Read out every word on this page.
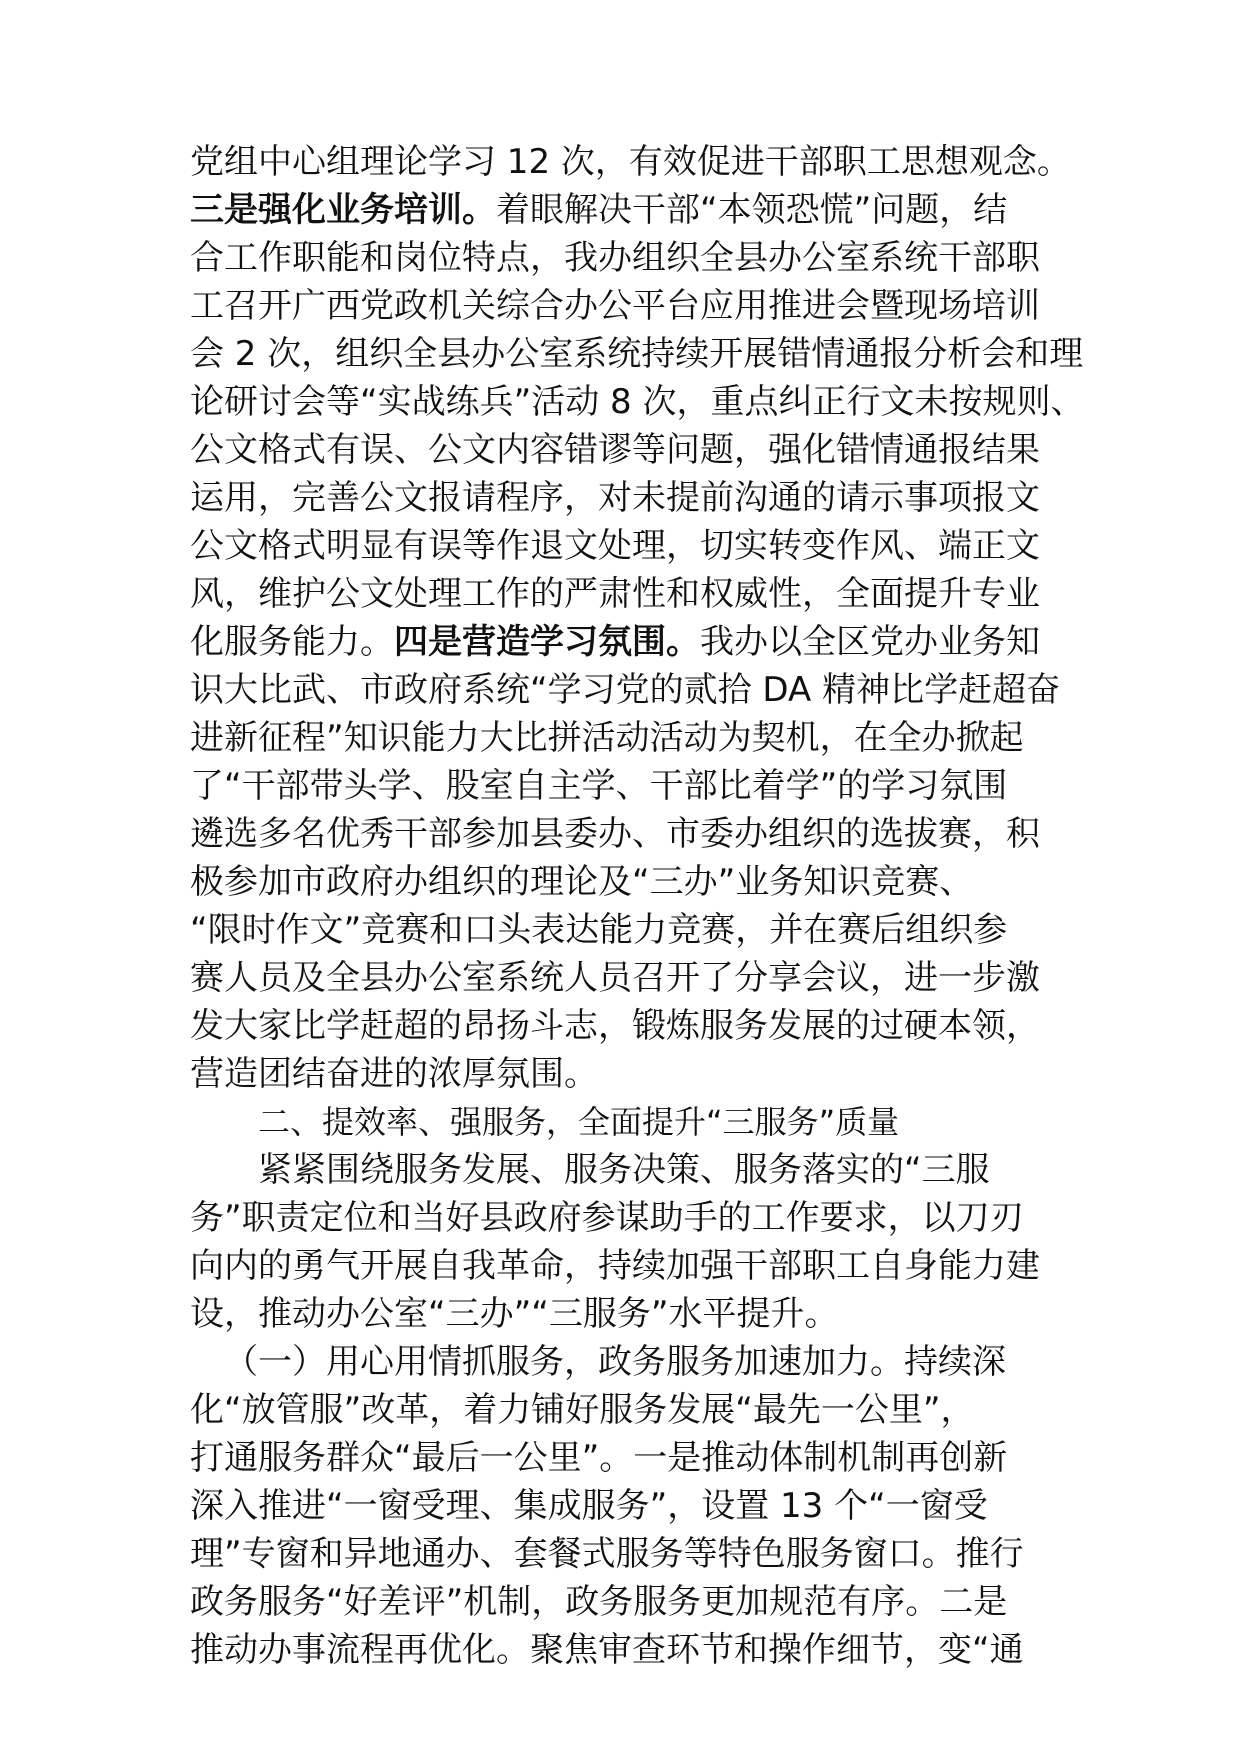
党组中心组理论学习 12 次，有效促进干部职工思想观念。
三是强化业务培训。着眼解决干部“本领恐慌”问题，结
合工作职能和岗位特点，我办组织全县办公室系统干部职
工召开广西党政机关综合办公平台应用推进会暨现场培训
会 2 次，组织全县办公室系统持续开展错情通报分析会和理
论研讨会等“实战练兵”活动 8 次，重点纠正行文未按规则、
公文格式有误、公文内容错谬等问题，强化错情通报结果
运用，完善公文报请程序，对未提前沟通的请示事项报文
公文格式明显有误等作退文处理，切实转变作风、端正文
风，维护公文处理工作的严肃性和权威性，全面提升专业
化服务能力。四是营造学习氛围。我办以全区党办业务知
识大比武、市政府系统“学习党的贰拾 DA 精神比学赶超奋
进新征程”知识能力大比拼活动活动为契机，在全办掀起
了“干部带头学、股室自主学、干部比着学”的学习氛围
遴选多名优秀干部参加县委办、市委办组织的选拔赛，积
极参加市政府办组织的理论及“三办”业务知识竞赛、
“限时作文”竞赛和口头表达能力竞赛，并在赛后组织参
赛人员及全县办公室系统人员召开了分享会议，进一步激
发大家比学赶超的昂扬斗志，锻炼服务发展的过硬本领，
营造团结奋进的浓厚氛围。
二、提效率、强服务，全面提升“三服务”质量
紧紧围绕服务发展、服务决策、服务落实的“三服
务”职责定位和当好县政府参谋助手的工作要求，以刀刃
向内的勇气开展自我革命，持续加强干部职工自身能力建
设，推动办公室“三办”“三服务”水平提升。
（一）用心用情抓服务，政务服务加速加力。持续深
化“放管服”改革，着力铺好服务发展“最先一公里”，
打通服务群众“最后一公里”。一是推动体制机制再创新
深入推进“一窗受理、集成服务”，设置 13 个“一窗受
理”专窗和异地通办、套餐式服务等特色服务窗口。推行
政务服务“好差评”机制，政务服务更加规范有序。二是
推动办事流程再优化。聚焦审查环节和操作细节，变“通
